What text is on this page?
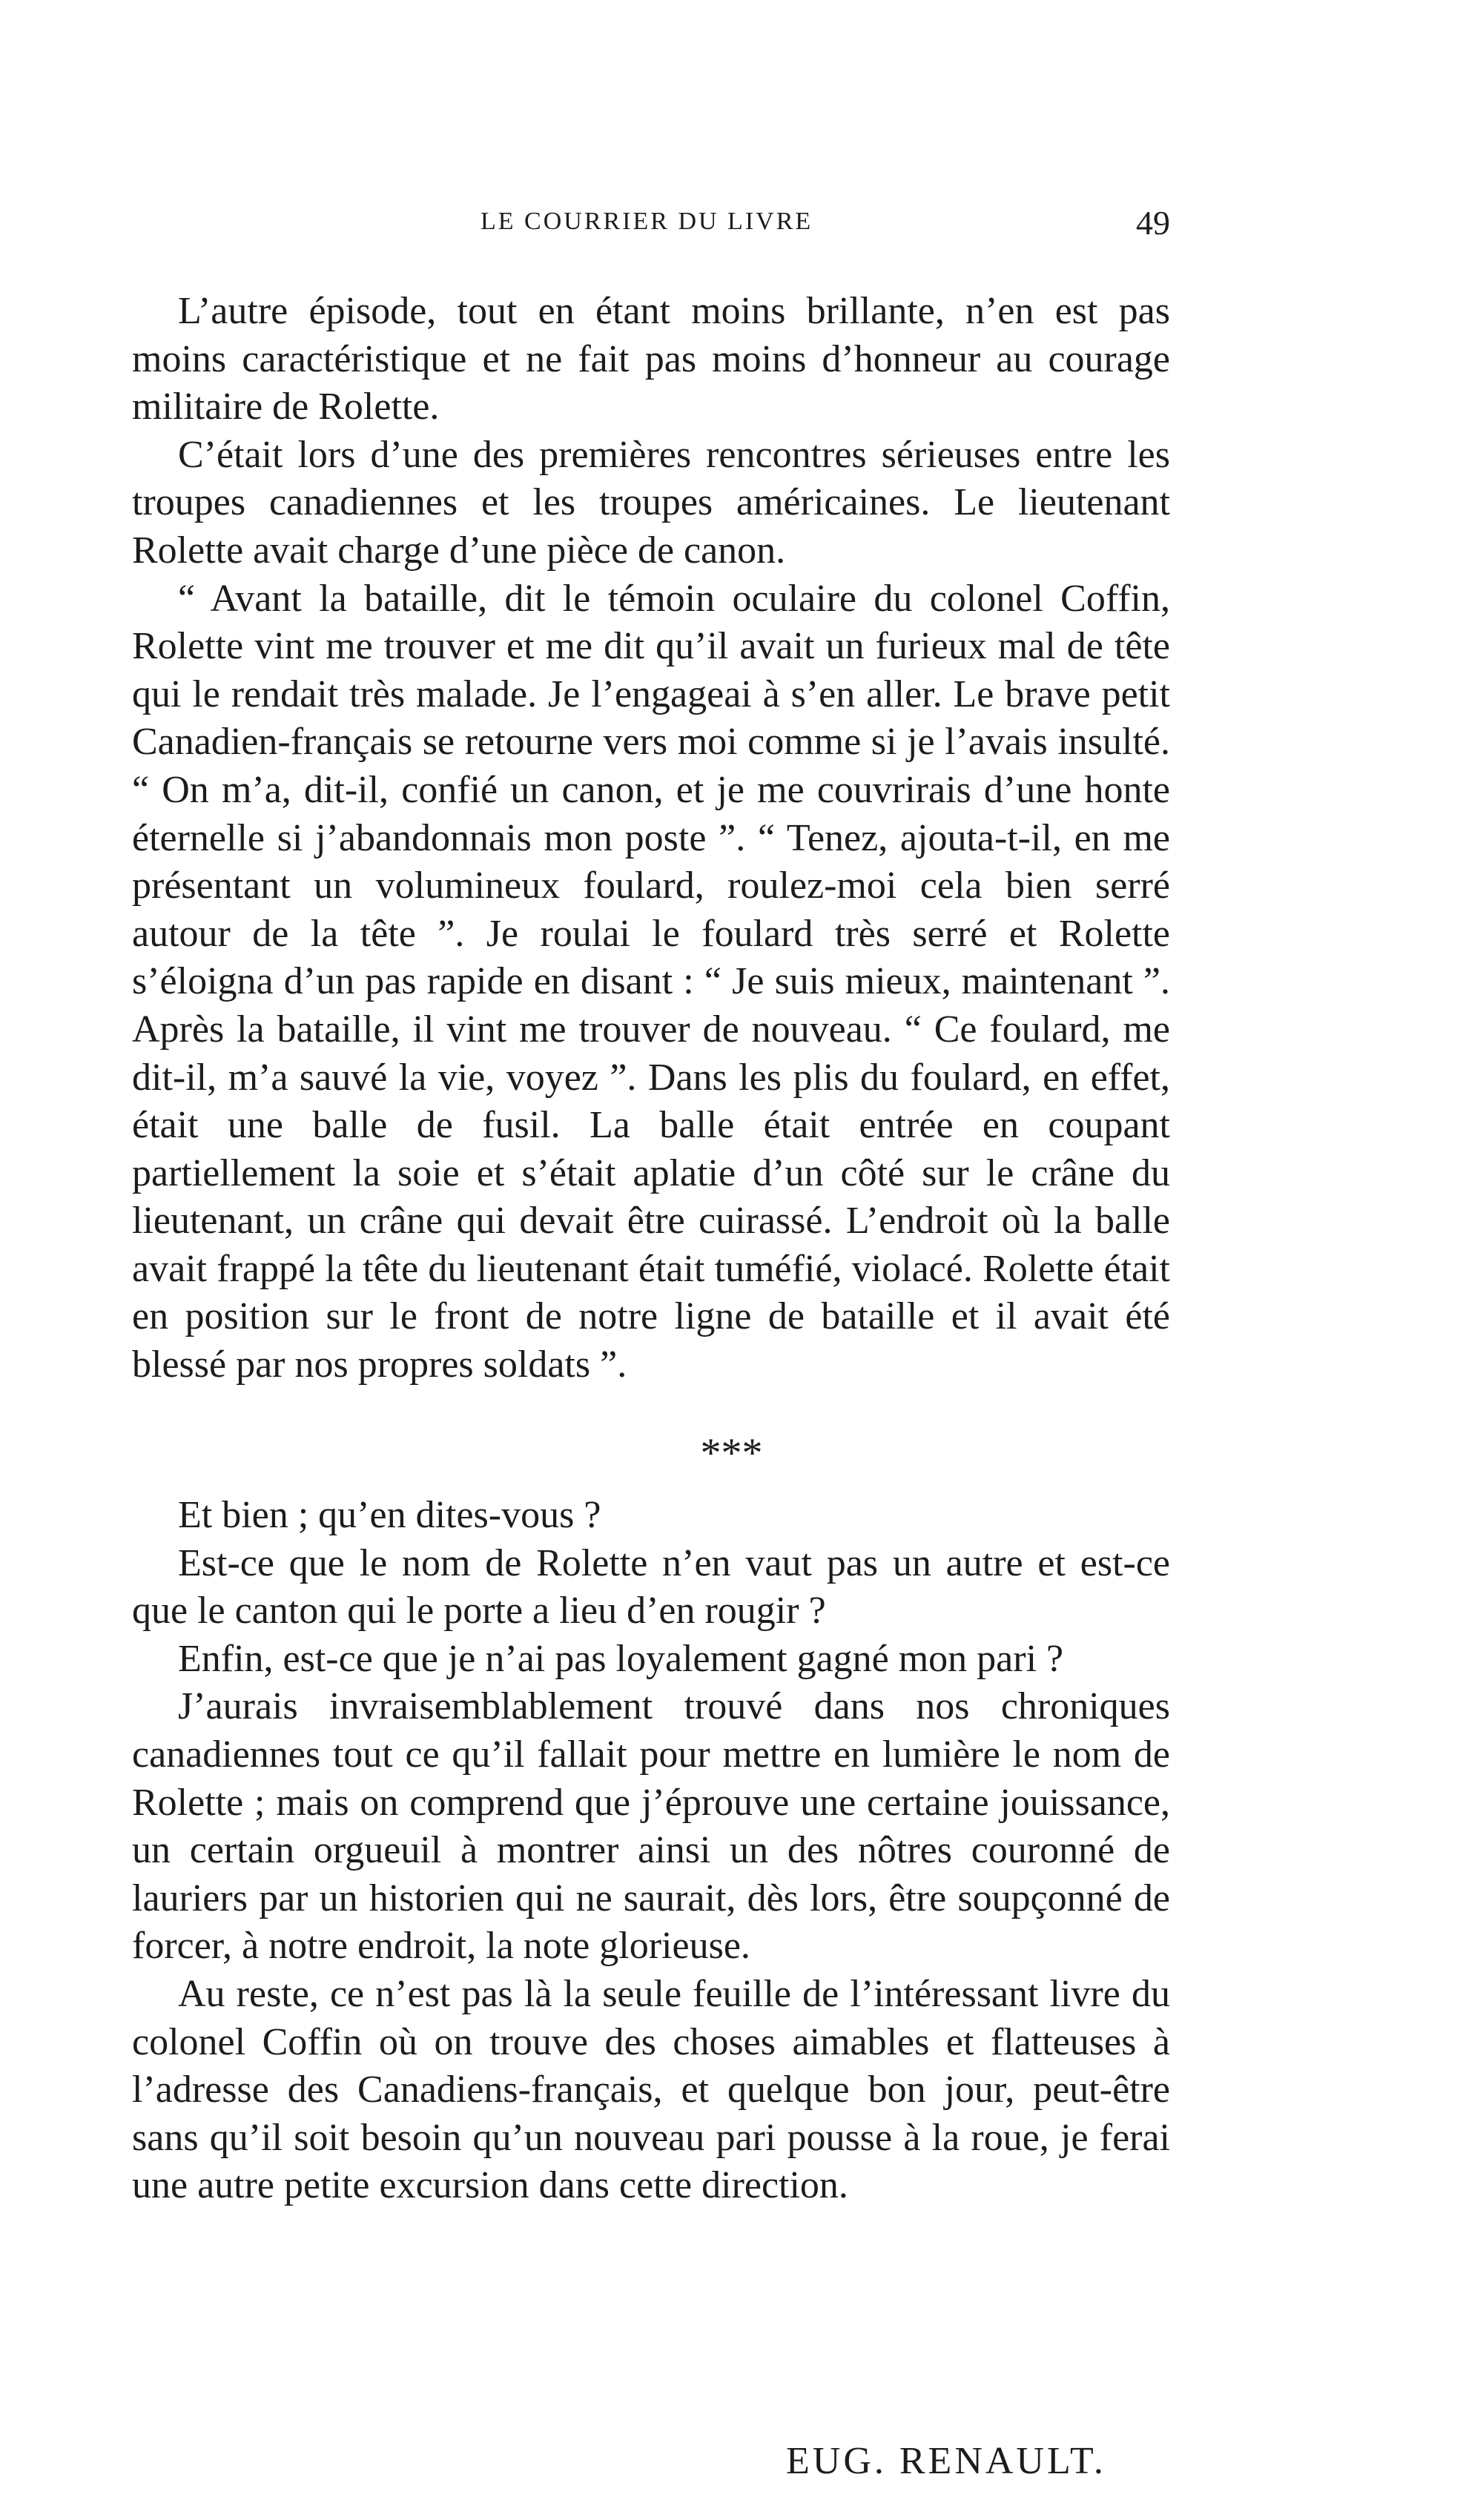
LE COURRIER DU LIVRE	49

L’autre épisode, tout en étant moins brillante, n’en est pas moins caractéristique et ne fait pas moins d’honneur au courage militaire de Rolette.

C’était lors d’une des premières rencontres sérieuses entre les troupes canadiennes et les troupes américaines. Le lieutenant Rolette avait charge d’une pièce de canon.

“ Avant la bataille, dit le témoin oculaire du colonel Coffin, Rolette vint me trouver et me dit qu’il avait un furieux mal de tête qui le rendait très malade. Je l’engageai à s’en aller. Le brave petit Canadien-français se retourne vers moi comme si je l’avais insulté. “ On m’a, dit-il, confié un canon, et je me couvrirais d’une honte éternelle si j’abandonnais mon poste ”. “ Tenez, ajouta-t-il, en me présentant un volumineux foulard, roulez-moi cela bien serré autour de la tête ”. Je roulai le foulard très serré et Rolette s’éloigna d’un pas rapide en disant : “ Je suis mieux, maintenant ”. Après la bataille, il vint me trouver de nouveau. “ Ce foulard, me dit-il, m’a sauvé la vie, voyez ”. Dans les plis du foulard, en effet, était une balle de fusil. La balle était entrée en coupant partiellement la soie et s’était aplatie d’un côté sur le crâne du lieutenant, un crâne qui devait être cuirassé. L’endroit où la balle avait frappé la tête du lieutenant était tuméfié, violacé. Rolette était en position sur le front de notre ligne de bataille et il avait été blessé par nos propres soldats ”.

***

Et bien ; qu’en dites-vous ?

Est-ce que le nom de Rolette n’en vaut pas un autre et est-ce que le canton qui le porte a lieu d’en rougir ?

Enfin, est-ce que je n’ai pas loyalement gagné mon pari ?

J’aurais invraisemblablement trouvé dans nos chroniques canadiennes tout ce qu’il fallait pour mettre en lumière le nom de Rolette ; mais on comprend que j’éprouve une certaine jouissance, un certain orgueuil à montrer ainsi un des nôtres couronné de lauriers par un historien qui ne saurait, dès lors, être soupçonné de forcer, à notre endroit, la note glorieuse.

Au reste, ce n’est pas là la seule feuille de l’intéressant livre du colonel Coffin où on trouve des choses aimables et flatteuses à l’adresse des Canadiens-français, et quelque bon jour, peut-être sans qu’il soit besoin qu’un nouveau pari pousse à la roue, je ferai une autre petite excursion dans cette direction.

EUG. RENAULT.
